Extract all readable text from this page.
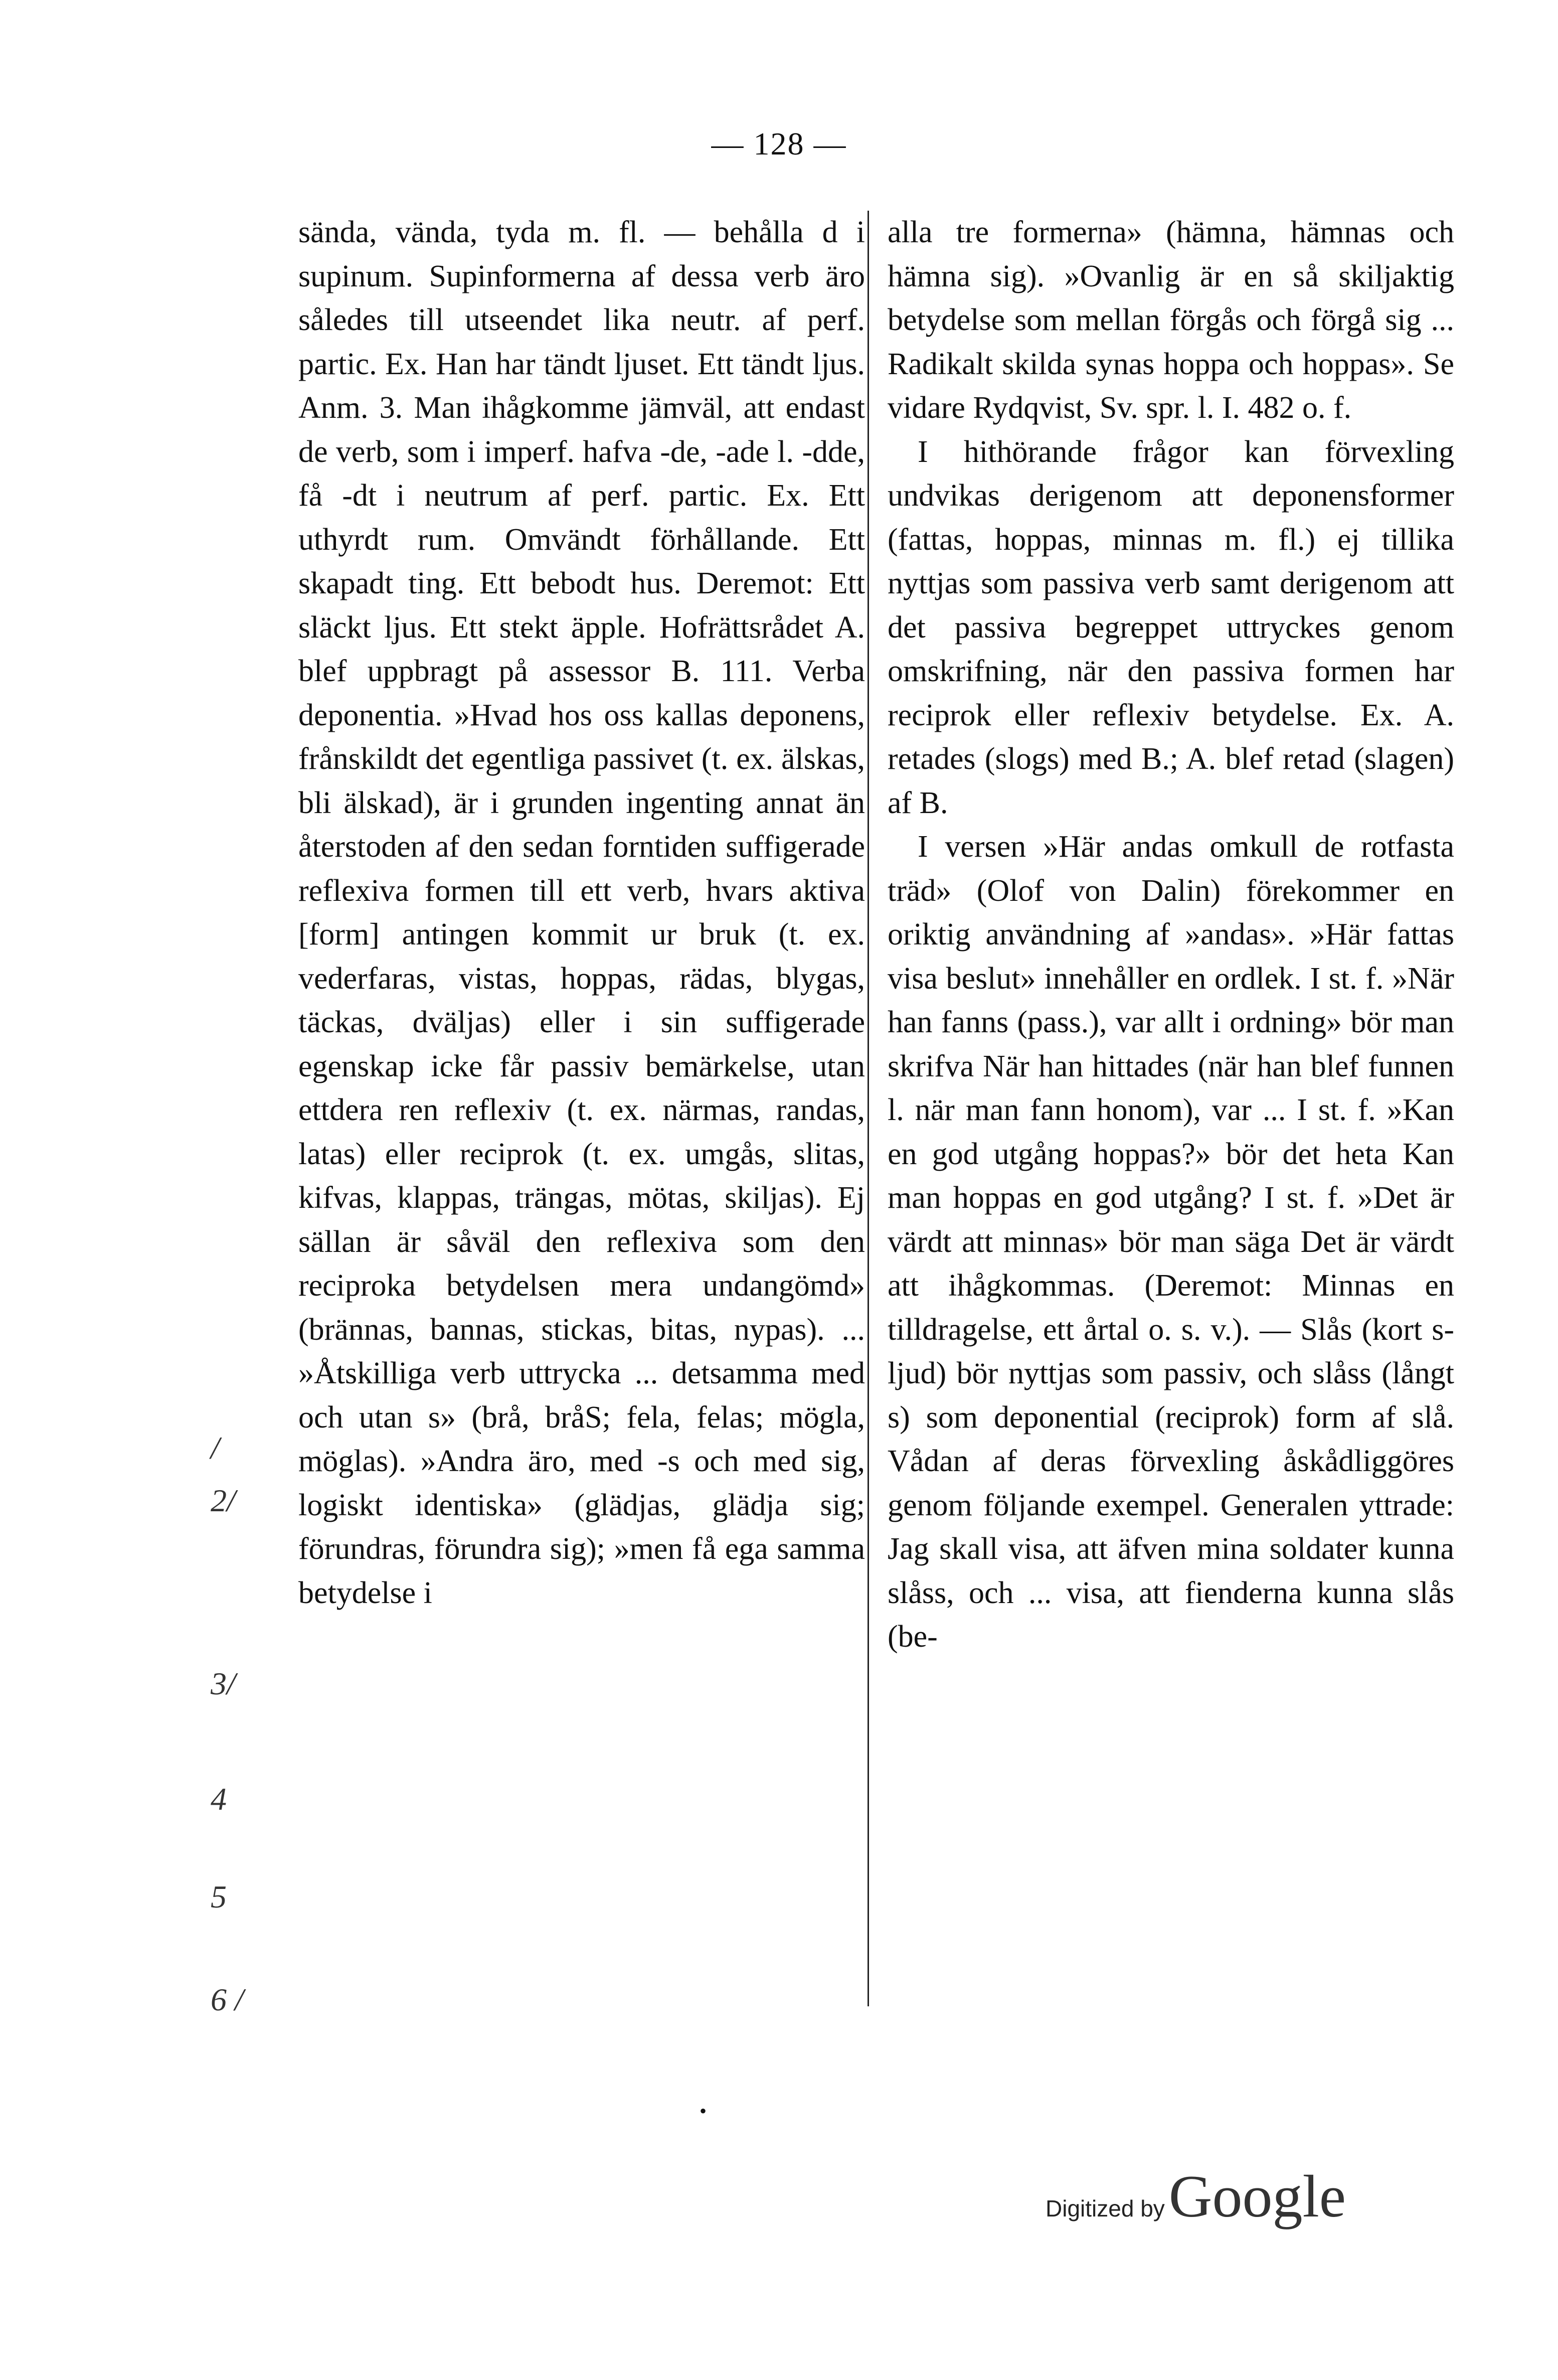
— 128 —

sända, vända, tyda m. fl. — behålla d i supinum. Supinformerna af dessa verb äro således till utseendet lika neutr. af perf. partic. Ex. Han har tändt ljuset. Ett tändt ljus. Anm. 3. Man ihågkomme jämväl, att endast de verb, som i imperf. hafva -de, -ade l. -dde, få -dt i neutrum af perf. partic. Ex. Ett uthyrdt rum. Omvändt förhållande. Ett skapadt ting. Ett bebodt hus. Deremot: Ett släckt ljus. Ett stekt äpple. Hofrättsrådet A. blef uppbragt på assessor B. 111. Verba deponentia. »Hvad hos oss kallas deponens, frånskildt det egentliga passivet (t. ex. älskas, bli älskad), är i grunden ingenting annat än återstoden af den sedan forntiden suffigerade reflexiva formen till ett verb, hvars aktiva [form] antingen kommit ur bruk (t. ex. vederfaras, vistas, hoppas, rädas, blygas, täckas, dväljas) eller i sin suffigerade egenskap icke får passiv bemärkelse, utan ettdera ren reflexiv (t. ex. närmas, randas, latas) eller reciprok (t. ex. umgås, slitas, kifvas, klappas, trängas, mötas, skiljas). Ej sällan är såväl den reflexiva som den reciproka betydelsen mera undangömd» (brännas, bannas, stickas, bitas, nypas). ... »Åtskilliga verb uttrycka ... detsamma med och utan s» (brå, bråS; fela, felas; mögla, möglas). »Andra äro, med -s och med sig, logiskt identiska» (glädjas, glädja sig; förundras, förundra sig); »men få ega samma betydelse i

alla tre formerna» (hämna, hämnas och hämna sig). »Ovanlig är en så skiljaktig betydelse som mellan förgås och förgå sig ... Radikalt skilda synas hoppa och hoppas». Se vidare Rydqvist, Sv. spr. l. I. 482 o. f.

I hithörande frågor kan förvexling undvikas derigenom att deponensformer (fattas, hoppas, minnas m. fl.) ej tillika nyttjas som passiva verb samt derigenom att det passiva begreppet uttryckes genom omskrifning, när den passiva formen har reciprok eller reflexiv betydelse. Ex. A. retades (slogs) med B.; A. blef retad (slagen) af B.

I versen »Här andas omkull de rotfasta träd» (Olof von Dalin) förekommer en oriktig användning af »andas». »Här fattas visa beslut» innehåller en ordlek. I st. f. »När han fanns (pass.), var allt i ordning» bör man skrifva När han hittades (när han blef funnen l. när man fann honom), var ... I st. f. »Kan en god utgång hoppas?» bör det heta Kan man hoppas en god utgång? I st. f. »Det är värdt att minnas» bör man säga Det är värdt att ihågkommas. (Deremot: Minnas en tilldragelse, ett årtal o. s. v.). — Slås (kort s-ljud) bör nyttjas som passiv, och slåss (långt s) som deponential (reciprok) form af slå. Vådan af deras förvexling åskådliggöres genom följande exempel. Generalen yttrade: Jag skall visa, att äfven mina soldater kunna slåss, och ... visa, att fienderna kunna slås (be-

/
2/
3/
4
5
6 /
•
Digitized by Google
